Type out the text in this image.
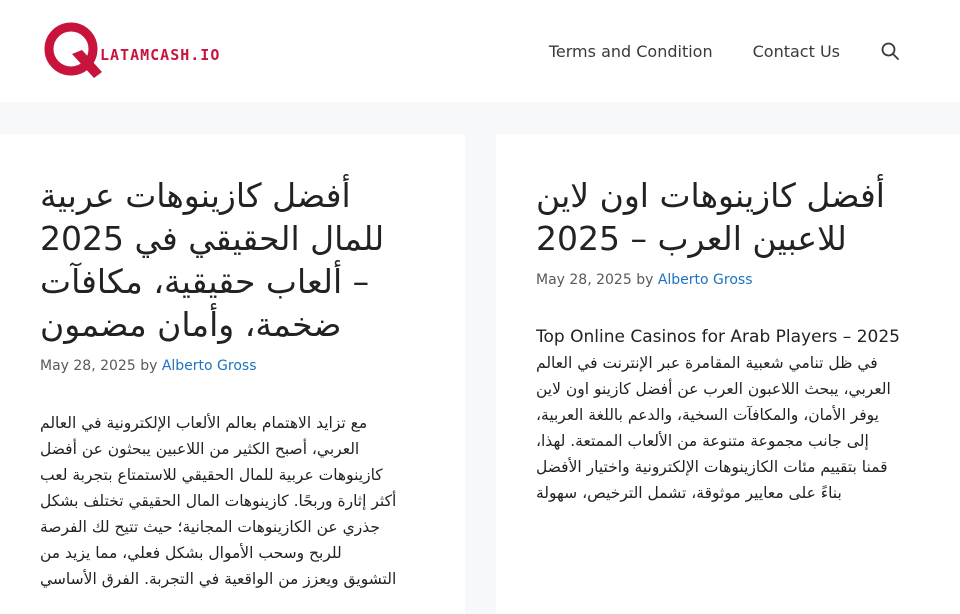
LATAMCASH.IO	Terms and Condition	Contact Us
أفضل كازينوهات عربية
للمال الحقيقي في 2025
– ألعاب حقيقية، مكافآت
ضخمة، وأمان مضمون
May 28, 2025 by Alberto Gross
مع تزايد الاهتمام بعالم الألعاب الإلكترونية في العالم
العربي، أصبح الكثير من اللاعبين يبحثون عن أفضل
كازينوهات عربية للمال الحقيقي للاستمتاع بتجربة لعب
أكثر إثارة وربحًا. كازينوهات المال الحقيقي تختلف بشكل
جذري عن الكازينوهات المجانية؛ حيث تتيح لك الفرصة
للربح وسحب الأموال بشكل فعلي، مما يزيد من
التشويق ويعزز من الواقعية في التجربة. الفرق الأساسي
أفضل كازينوهات اون لاين
للاعبين العرب – 2025
May 28, 2025 by Alberto Gross
Top Online Casinos for Arab Players – 2025
في ظل تنامي شعبية المقامرة عبر الإنترنت في العالم
العربي، يبحث اللاعبون العرب عن أفضل كازينو اون لاين
يوفر الأمان، والمكافآت السخية، والدعم باللغة العربية،
إلى جانب مجموعة متنوعة من الألعاب الممتعة. لهذا،
قمنا بتقييم مئات الكازينوهات الإلكترونية واختيار الأفضل
بناءً على معايير موثوقة، تشمل الترخيص، سهولة
